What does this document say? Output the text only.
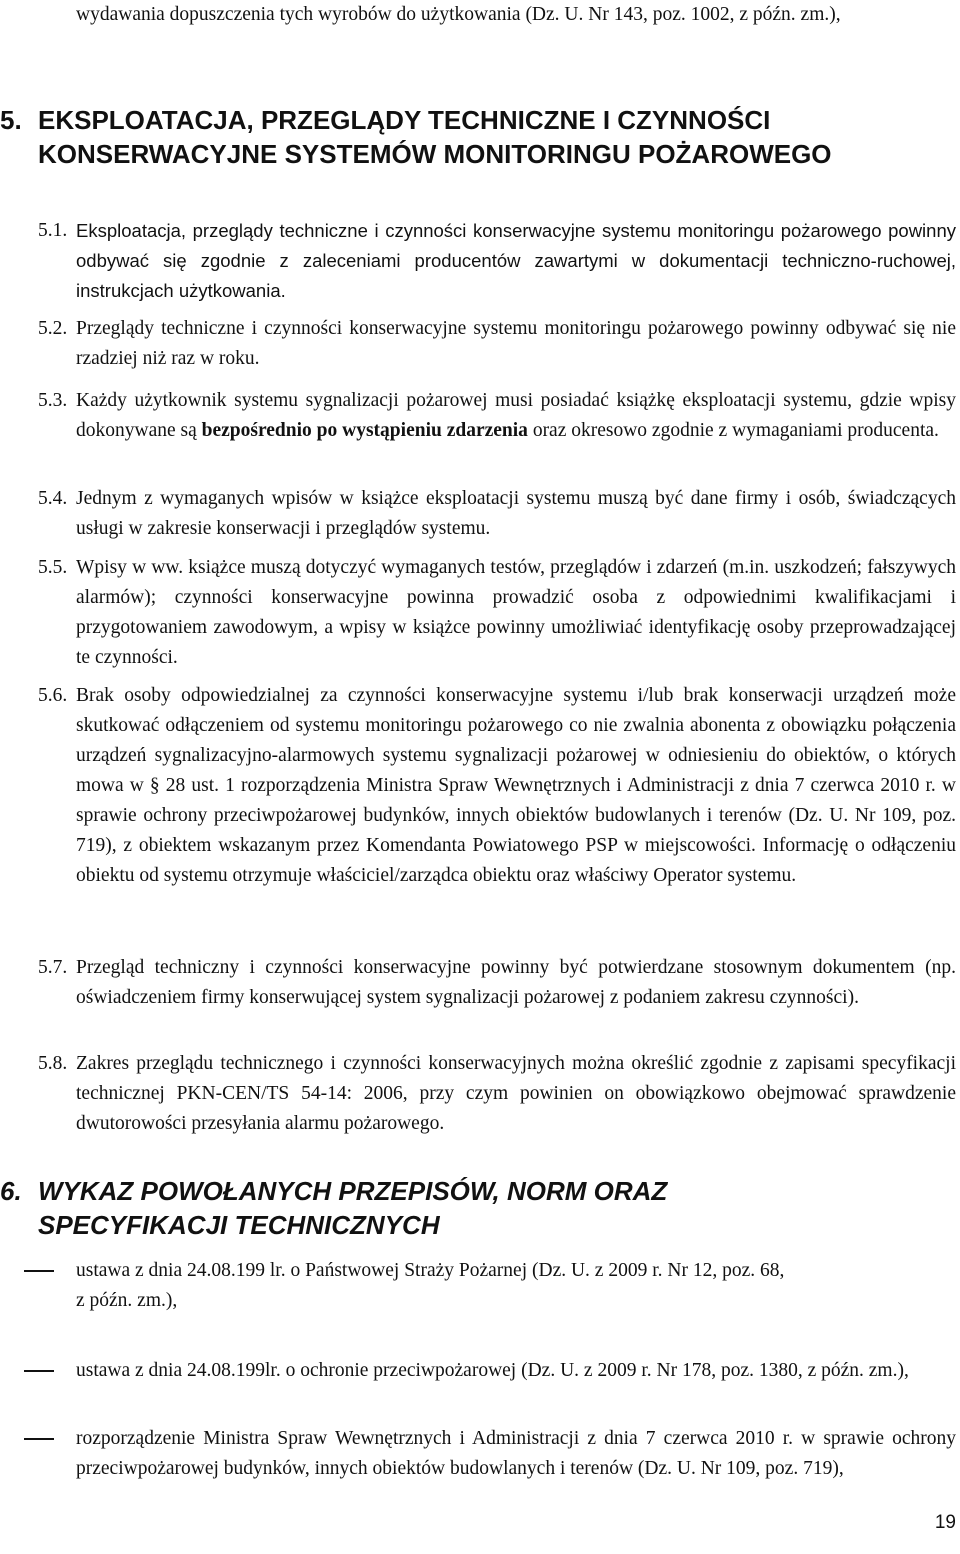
wydawania dopuszczenia tych wyrobów do użytkowania (Dz. U. Nr 143, poz. 1002, z późn. zm.),
5. EKSPLOATACJA, PRZEGLĄDY TECHNICZNE I CZYNNOŚCI
KONSERWACYJNE SYSTEMÓW MONITORINGU POŻAROWEGO
5.1. Eksploatacja, przeglądy techniczne i czynności konserwacyjne systemu monitoringu pożarowego powinny odbywać się zgodnie z zaleceniami producentów zawartymi w dokumentacji techniczno-ruchowej, instrukcjach użytkowania.
5.2. Przeglądy techniczne i czynności konserwacyjne systemu monitoringu pożarowego powinny odbywać się nie rzadziej niż raz w roku.
5.3. Każdy użytkownik systemu sygnalizacji pożarowej musi posiadać książkę eksploatacji systemu, gdzie wpisy dokonywane są bezpośrednio po wystąpieniu zdarzenia oraz okresowo zgodnie z wymaganiami producenta.
5.4. Jednym z wymaganych wpisów w książce eksploatacji systemu muszą być dane firmy i osób, świadczących usługi w zakresie konserwacji i przeglądów systemu.
5.5. Wpisy w ww. książce muszą dotyczyć wymaganych testów, przeglądów i zdarzeń (m.in. uszkodzeń; fałszywych alarmów); czynności konserwacyjne powinna prowadzić osoba z odpowiednimi kwalifikacjami i przygotowaniem zawodowym, a wpisy w książce powinny umożliwiać identyfikację osoby przeprowadzającej te czynności.
5.6. Brak osoby odpowiedzialnej za czynności konserwacyjne systemu i/lub brak konserwacji urządzeń może skutkować odłączeniem od systemu monitoringu pożarowego co nie zwalnia abonenta z obowiązku połączenia urządzeń sygnalizacyjno-alarmowych systemu sygnalizacji pożarowej w odniesieniu do obiektów, o których mowa w § 28 ust. 1 rozporządzenia Ministra Spraw Wewnętrznych i Administracji z dnia 7 czerwca 2010 r. w sprawie ochrony przeciwpożarowej budynków, innych obiektów budowlanych i terenów (Dz. U. Nr 109, poz. 719), z obiektem wskazanym przez Komendanta Powiatowego PSP w miejscowości. Informację o odłączeniu obiektu od systemu otrzymuje właściciel/zarządca obiektu oraz właściwy Operator systemu.
5.7. Przegląd techniczny i czynności konserwacyjne powinny być potwierdzane stosownym dokumentem (np. oświadczeniem firmy konserwującej system sygnalizacji pożarowej z podaniem zakresu czynności).
5.8. Zakres przeglądu technicznego i czynności konserwacyjnych można określić zgodnie z zapisami specyfikacji technicznej PKN-CEN/TS 54-14: 2006, przy czym powinien on obowiązkowo obejmować sprawdzenie dwutorowości przesyłania alarmu pożarowego.
6. WYKAZ POWOŁANYCH PRZEPISÓW, NORM ORAZ
SPECYFIKACJI TECHNICZNYCH
ustawa z dnia 24.08.199 lr. o Państwowej Straży Pożarnej (Dz. U. z 2009 r. Nr 12, poz. 68,
z późn. zm.),
ustawa z dnia 24.08.199lr. o ochronie przeciwpożarowej (Dz. U. z 2009 r. Nr 178, poz. 1380, z późn. zm.),
rozporządzenie Ministra Spraw Wewnętrznych i Administracji z dnia 7 czerwca 2010 r. w sprawie ochrony przeciwpożarowej budynków, innych obiektów budowlanych i terenów (Dz. U. Nr 109, poz. 719),
19
